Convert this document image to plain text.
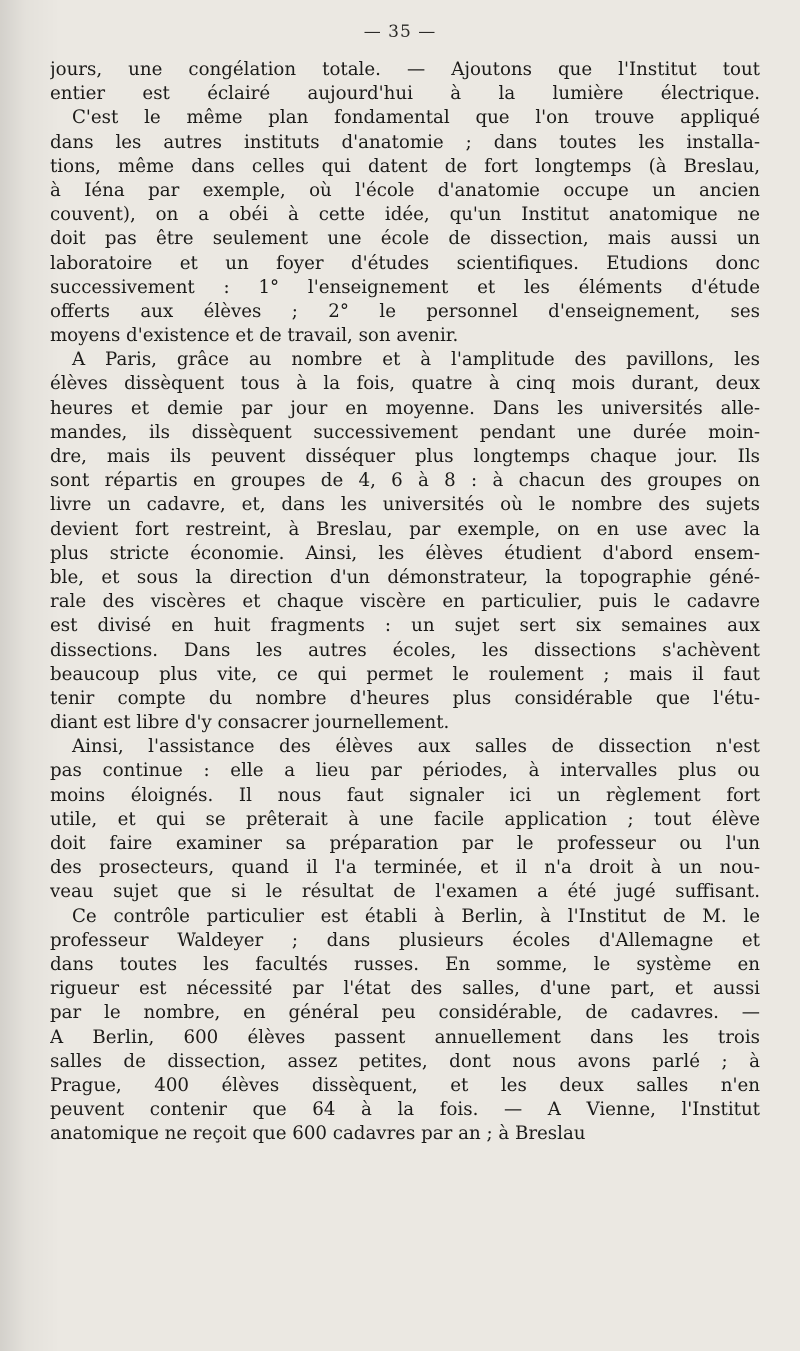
— 35 —
jours, une congélation totale. — Ajoutons que l'Institut tout
entier est éclairé aujourd'hui à la lumière électrique.
C'est le même plan fondamental que l'on trouve appliqué
dans les autres instituts d'anatomie ; dans toutes les installa-
tions, même dans celles qui datent de fort longtemps (à Breslau,
à Iéna par exemple, où l'école d'anatomie occupe un ancien
couvent), on a obéi à cette idée, qu'un Institut anatomique ne
doit pas être seulement une école de dissection, mais aussi un
laboratoire et un foyer d'études scientifiques. Etudions donc
successivement : 1° l'enseignement et les éléments d'étude
offerts aux élèves ; 2° le personnel d'enseignement, ses
moyens d'existence et de travail, son avenir.
A Paris, grâce au nombre et à l'amplitude des pavillons, les
élèves dissèquent tous à la fois, quatre à cinq mois durant, deux
heures et demie par jour en moyenne. Dans les universités alle-
mandes, ils dissèquent successivement pendant une durée moin-
dre, mais ils peuvent disséquer plus longtemps chaque jour. Ils
sont répartis en groupes de 4, 6 à 8 : à chacun des groupes on
livre un cadavre, et, dans les universités où le nombre des sujets
devient fort restreint, à Breslau, par exemple, on en use avec la
plus stricte économie. Ainsi, les élèves étudient d'abord ensem-
ble, et sous la direction d'un démonstrateur, la topographie géné-
rale des viscères et chaque viscère en particulier, puis le cadavre
est divisé en huit fragments : un sujet sert six semaines aux
dissections. Dans les autres écoles, les dissections s'achèvent
beaucoup plus vite, ce qui permet le roulement ; mais il faut
tenir compte du nombre d'heures plus considérable que l'étu-
diant est libre d'y consacrer journellement.
Ainsi, l'assistance des élèves aux salles de dissection n'est
pas continue : elle a lieu par périodes, à intervalles plus ou
moins éloignés. Il nous faut signaler ici un règlement fort
utile, et qui se prêterait à une facile application ; tout élève
doit faire examiner sa préparation par le professeur ou l'un
des prosecteurs, quand il l'a terminée, et il n'a droit à un nou-
veau sujet que si le résultat de l'examen a été jugé suffisant.
Ce contrôle particulier est établi à Berlin, à l'Institut de M. le
professeur Waldeyer ; dans plusieurs écoles d'Allemagne et
dans toutes les facultés russes. En somme, le système en
rigueur est nécessité par l'état des salles, d'une part, et aussi
par le nombre, en général peu considérable, de cadavres. —
A Berlin, 600 élèves passent annuellement dans les trois
salles de dissection, assez petites, dont nous avons parlé ; à
Prague, 400 élèves dissèquent, et les deux salles n'en
peuvent contenir que 64 à la fois. — A Vienne, l'Institut
anatomique ne reçoit que 600 cadavres par an ; à Breslau
